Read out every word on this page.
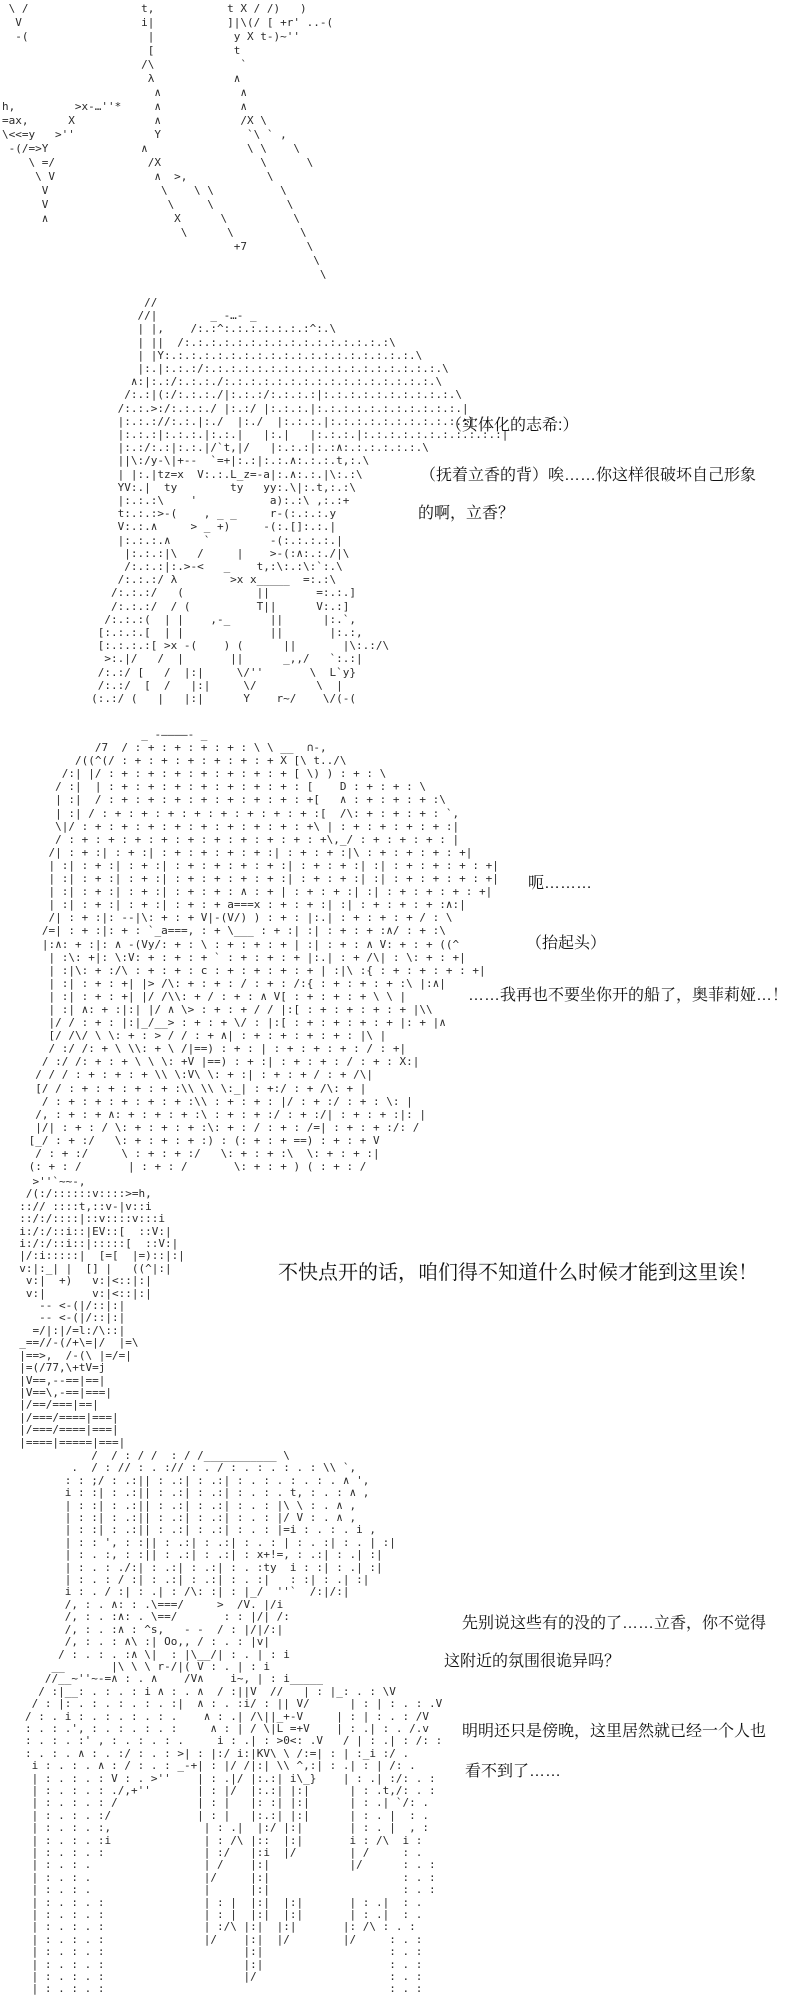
\ /                 t,           t X / /)   )
V                  i|           ]|\(/ [ +r' ..-(
-(                  |            y X t-)~''
[            t
/\             `
λ            ∧
∧            ∧
h,         >x-…''*     ∧            ∧
=ax,      X            ∧            /X \
\<<=y   >''            Y             `\ ` ,
-(/=>Y              ∧               \ \    \
\ =/              /X               \      \
\ V               ∧  >,            \
V                 \    \ \          \
V                  \     \           \
∧                   X      \          \
\      \          \
+7         \
\
\
//
//|        _ -…- _
| |,    /:.:^:.:.:.:.:.:.:^:.\
| ||  /:.:.:.:.:.:.:.:.:.:.:.:.:.:.:.:\
| |Y:.:.:.:.:.:.:.:.:.:.:.:.:.:.:.:.:.:.:.\
|:.|:.:.:/:.:.:.:.:.:.:.:.:.:.:.:.:.:.:.:.:.:.\
∧:|:.:/:.:.:./:.:.:.:.:.:.:.:.:.:.:.:.:.:.:.:.\
/:.:|(:/:.:.:./|:.:.:/:.:.:.:|:.:.:.:.:.:.:.:.:.:.\
/:.:.>:/:.:.:./ |:.:/ |:.:.:.|:.:.:.:.:.:.:.:.:.:.:.|
|:.:.://:.:.|:./  |:./  |:.:.:.|:.:.:.:.:.:.:.:.:.:.:|
|:.:.:|:.:.:.|:.:.|   |:.|   |:.:.:.|:.:.:.:.:.:.:.:.:.:.:|
|:.:/:.:|:.:.|/`t,|/   |:.:.:|:.:∧:.:.:.:.:.:.\
||\:/y-\|+--  `=+|:.:|:.:.∧:.:.:.t,:.\
| |:.|tz=x  V:.:.L_z=-a|:.∧:.:.|\:.:\
YV:.|  ty        ty   yy:.\|:.t,:.:\
|:.:.:\    '           a):.:\ ,:.:+
t:.:.:>-(    , _ _     r-(:.:.:.y
V:.:.∧     > _ +)     -(:.[]:.:.|
|:.:.:.∧     `         -(:.:.:.:.|
|:.:.:|\   /     |    >-(:∧:.:./|\
/:.:.:|:.>-<   _    t,:\:.:\:`:.\
/:.:.:/ λ        >x x_____  =:.:\
/:.:.:/   (           ||       =:.:.]
/:.:.:/  / (          T||      V:.:]
/:.:.:(  | |    ,-_      ||      |:.`,
[:.:.:.[  | |             ||       |:.:,
[:.:.:.:[ >x -(    ) (      ||       |\:.:/\
>:.|/   /  |       ||      _,,/   `:.:|
/:.:/ [   /  |:|     \/''       \  L`y}
/:.:/  [  /   |:|     \/         \  |
(:.:/ (   |   |:|      Y    r~/    \/(-(
_ -————- _
/7  / : + : + : + : + : \ \ __  ∩-,
/((^(/ : + : + : + : + : + : + X [\ t../\
/:| |/ : + : + : + : + : + : + : + [ \) ) : + : \
/ :|  | : + : + : + : + : + : + : + : [    D : + : + : \
| :|  / : + : + : + : + : + : + : + : +[   ∧ : + : + : + :\
| :| / : + : + : + : + : + : + : + : + :[  /\: + : + : + : `,
\|/ : + : + : + : + : + : + : + : + : +\ | : + : + : + : + :|
/ : + : + : + : + : + : + : + : + : + : +\,_/ : + : + : + : |
/| : + :| : + :| : + : + : + : + :| : + : + :|\ : + : + : + : +|
| :| : + :| : + :| : + : + : + : + :| : + : + :| :| : + : + : + : +|
| :| : + :| : + :| : + : + : + : + :| : + : + :| :| : + : + : + : +|
| :| : + :| : + :| : + : + : ∧ : + | : + : + :| :| : + : + : + : +|
| :| : + :| : + :| : + : + a===x : + : + :| :| : + : + : + :∧:|
/| : + :|: --|\: + : + V|-(V/) ) : + : |:.| : + : + : + / : \
/=| : + :|: + : `_a===, : + \___ : + :| :| : + : + :∧/ : + :\
|:∧: + :|: ∧ -(Vy/: + : \ : + : + : + | :| : + : ∧ V: + : + ((^
| :\: +|: \:V: + : + : + ` : + : + : + |:.| : + /\| : \: + : +|
| :|\: + :/\ : + : + : c : + : + : + : + | :|\ :{ : + : + : + : +|
| :| : + : +| |> /\: + : + : / : + : /:{ : + : + : + :\ |:∧|
| :| : + : +| |/ /\\: + / : + : ∧ V[ : + : + : + \ \ |
| :| ∧: + :|:| |/ ∧ \> : + : + / / |:[ : + : + : + : + |\\
|/ / : + : |:|_/__> : + : + \/ : |:[ : + : + : + : + |: + |∧
[/ /\/ \ \: + : > / / : + ∧| : + : + : + : + : |\ |
/ :/ /: + \ \\: + \ /|==) : + : | : + : + : + : / : +|
/ :/ /: + : + \ \ \: +V |==) : + :| : + : + : / : + : X:|
/ / / : + : + : + \\ \:V\ \: + :| : + : + / : + /\|
[/ / : + : + : + : + :\\ \\ \:_| : +:/ : + /\: + |
/ : + : + : + : + : + :\\ : + : + : |/ : + :/ : + : \: |
/, : + : + ∧: + : + : + :\ : + : + :/ : + :/| : + : + :|: |
|/| : + : / \: + : + : + :\: + : / : + : /=| : + : + :/: /
[_/ : + :/   \: + : + : + :) : (: + : + ==) : + : + V
/ : + :/     \ : + : + :/   \: + : + :\  \: + : + :|
(: + : /       | : + : /       \: + : + ) ( : + : /
>''`~~-,
/(:/::::::v::::>=h,
::// ::::t,::v-|v::i
::/:/::::|::v::::v:::i
i:/:/::i::|EV::[  ::V:|
i:/:/::i::|:::::[  ::V:|
|/:i:::::|  [=[  |=)::|:|
v:|:_| |  [] |   ((^|:|
v:|  +)   v:|<::|:|
v:|       v:|<::|:|
-- <-(|/::|:|
-- <-(|/::|:|
=/|:|/=l:/\::|
_==//-(/+\=|/  |=\
|==>,  /-(\ |=/=|
|=(/77,\+tV=j
|V==,--==|==|
|V==\,-==|===|
|/==/===|==|
|/===/====|===|
|/===/====|===|
|====|=====|===|
/  / : / /  : / /___________ \
.  / : // : . :// : . / : . : . : . : \\ `,
: : ;/ : .:|| : .:| : .:| : . : . : . : . ∧ ',
i : :| : .:|| : .:| : .:| : . : . t, : . : ∧ ,
| : :| : .:|| : .:| : .:| : . : |\ \ : . ∧ ,
| : :| : .:|| : .:| : .:| : . : |/ V : . ∧ ,
| : :| : .:|| : .:| : .:| : . : |=i : . : . i ,
| : : ', : :|| : .:| : .:| : . : | : . :| : . | :|
| : . :, : :|| : .:| : .:| : x+!=, : .:| : .| :|
| : . : ./:| : .:| : .:| : . :ty  i : :| : .| :|
| : . : / :| : .:| : .:| : . :|   : :| : .| :|
i : . / :| : .| : /\: :| : |_/  ''`  /:|/:|
/, : . ∧: : .\===/     >  /V. |/i
/, : . :∧: . \==/       : : |/| /:
/, : . :∧ : ^s,   - -  / : |/|/:|
/, : . : ∧\ :| Oo,, / : . : |v|
/ : . : . :∧ \|  : |\__/| : . | : i
__       |\ \ \ r-/|( V : . | : i
//__~''~-=∧ : . ∧    /V∧    i~, | : i_____
/ :|__: . : . : i ∧ : . ∧  / :||V  //   | : |_: . : \V
/ : |: . : . : . : . :|  ∧ : . :i/ : || V/      | : | : . : .V
/ : . i : . : . : . : .    ∧ : .| /\||_+-V     | : | : . : /V
: . : .', : . : . : . :     ∧ : | / \|L =+V    | : .| : . /.v
: . : . :' , : . : . : .     i : .| : >0<: .V   / | : .| : /: :
: . : . ∧ : . :/ : . : >| : |:/ i:|KV\ \ /:=| : | :_i :/ .
i : . : . ∧ : / : . : _-+| : |/ /|:| \\ ^,:| : .| : | /: .
| : . : . : V : . >''    | : .|/ |:.:| i\_}    | : .| :/: . :
| : . : . : ./,+''       | : |/  |:.:| |:|      | : .t,/: . :
| : . : . : /            | : |   |: :| |:|      | : .| `/: .
| : . : . :/             | : |   |:.:| |:|      | : . |  : .
| : . : . :,              | : .|  |:/ |:|       | : . |  , :
| : . : . :i              | : /\ |::  |:|       i : /\  i :
| : . : . :               | :/   |:i  |/        | /     : .
| : . : .                 | /    |:|            |/      : . :
| : . : .                 |/     |:|                    : . :
| : . : .                 |      |:|                    : . :
| : . : . :               | : |  |:|  |:|       | : .|  : .
| : . : . :               | : |  |:|  |:|       | : .|  : .
| : . : . :               | :/\ |:|  |:|       |: /\ : . :
| : . : . :               |/    |:|  |/        |/     : . :
| : . : . :                     |:|                   : . :
| : . : . :                     |:|                   : . :
| : . : . :                     |/                    : . :
| : . : . :                                           : . :
（实体化的志希:）
（抚着立香的背）唉……你这样很破坏自己形象
的啊，立香？
呃………
（抬起头）
……我再也不要坐你开的船了，奥菲莉娅…！
不快点开的话，咱们得不知道什么时候才能到这里诶！
先别说这些有的没的了……立香，你不觉得
这附近的氛围很诡异吗？
明明还只是傍晚，这里居然就已经一个人也
看不到了……
